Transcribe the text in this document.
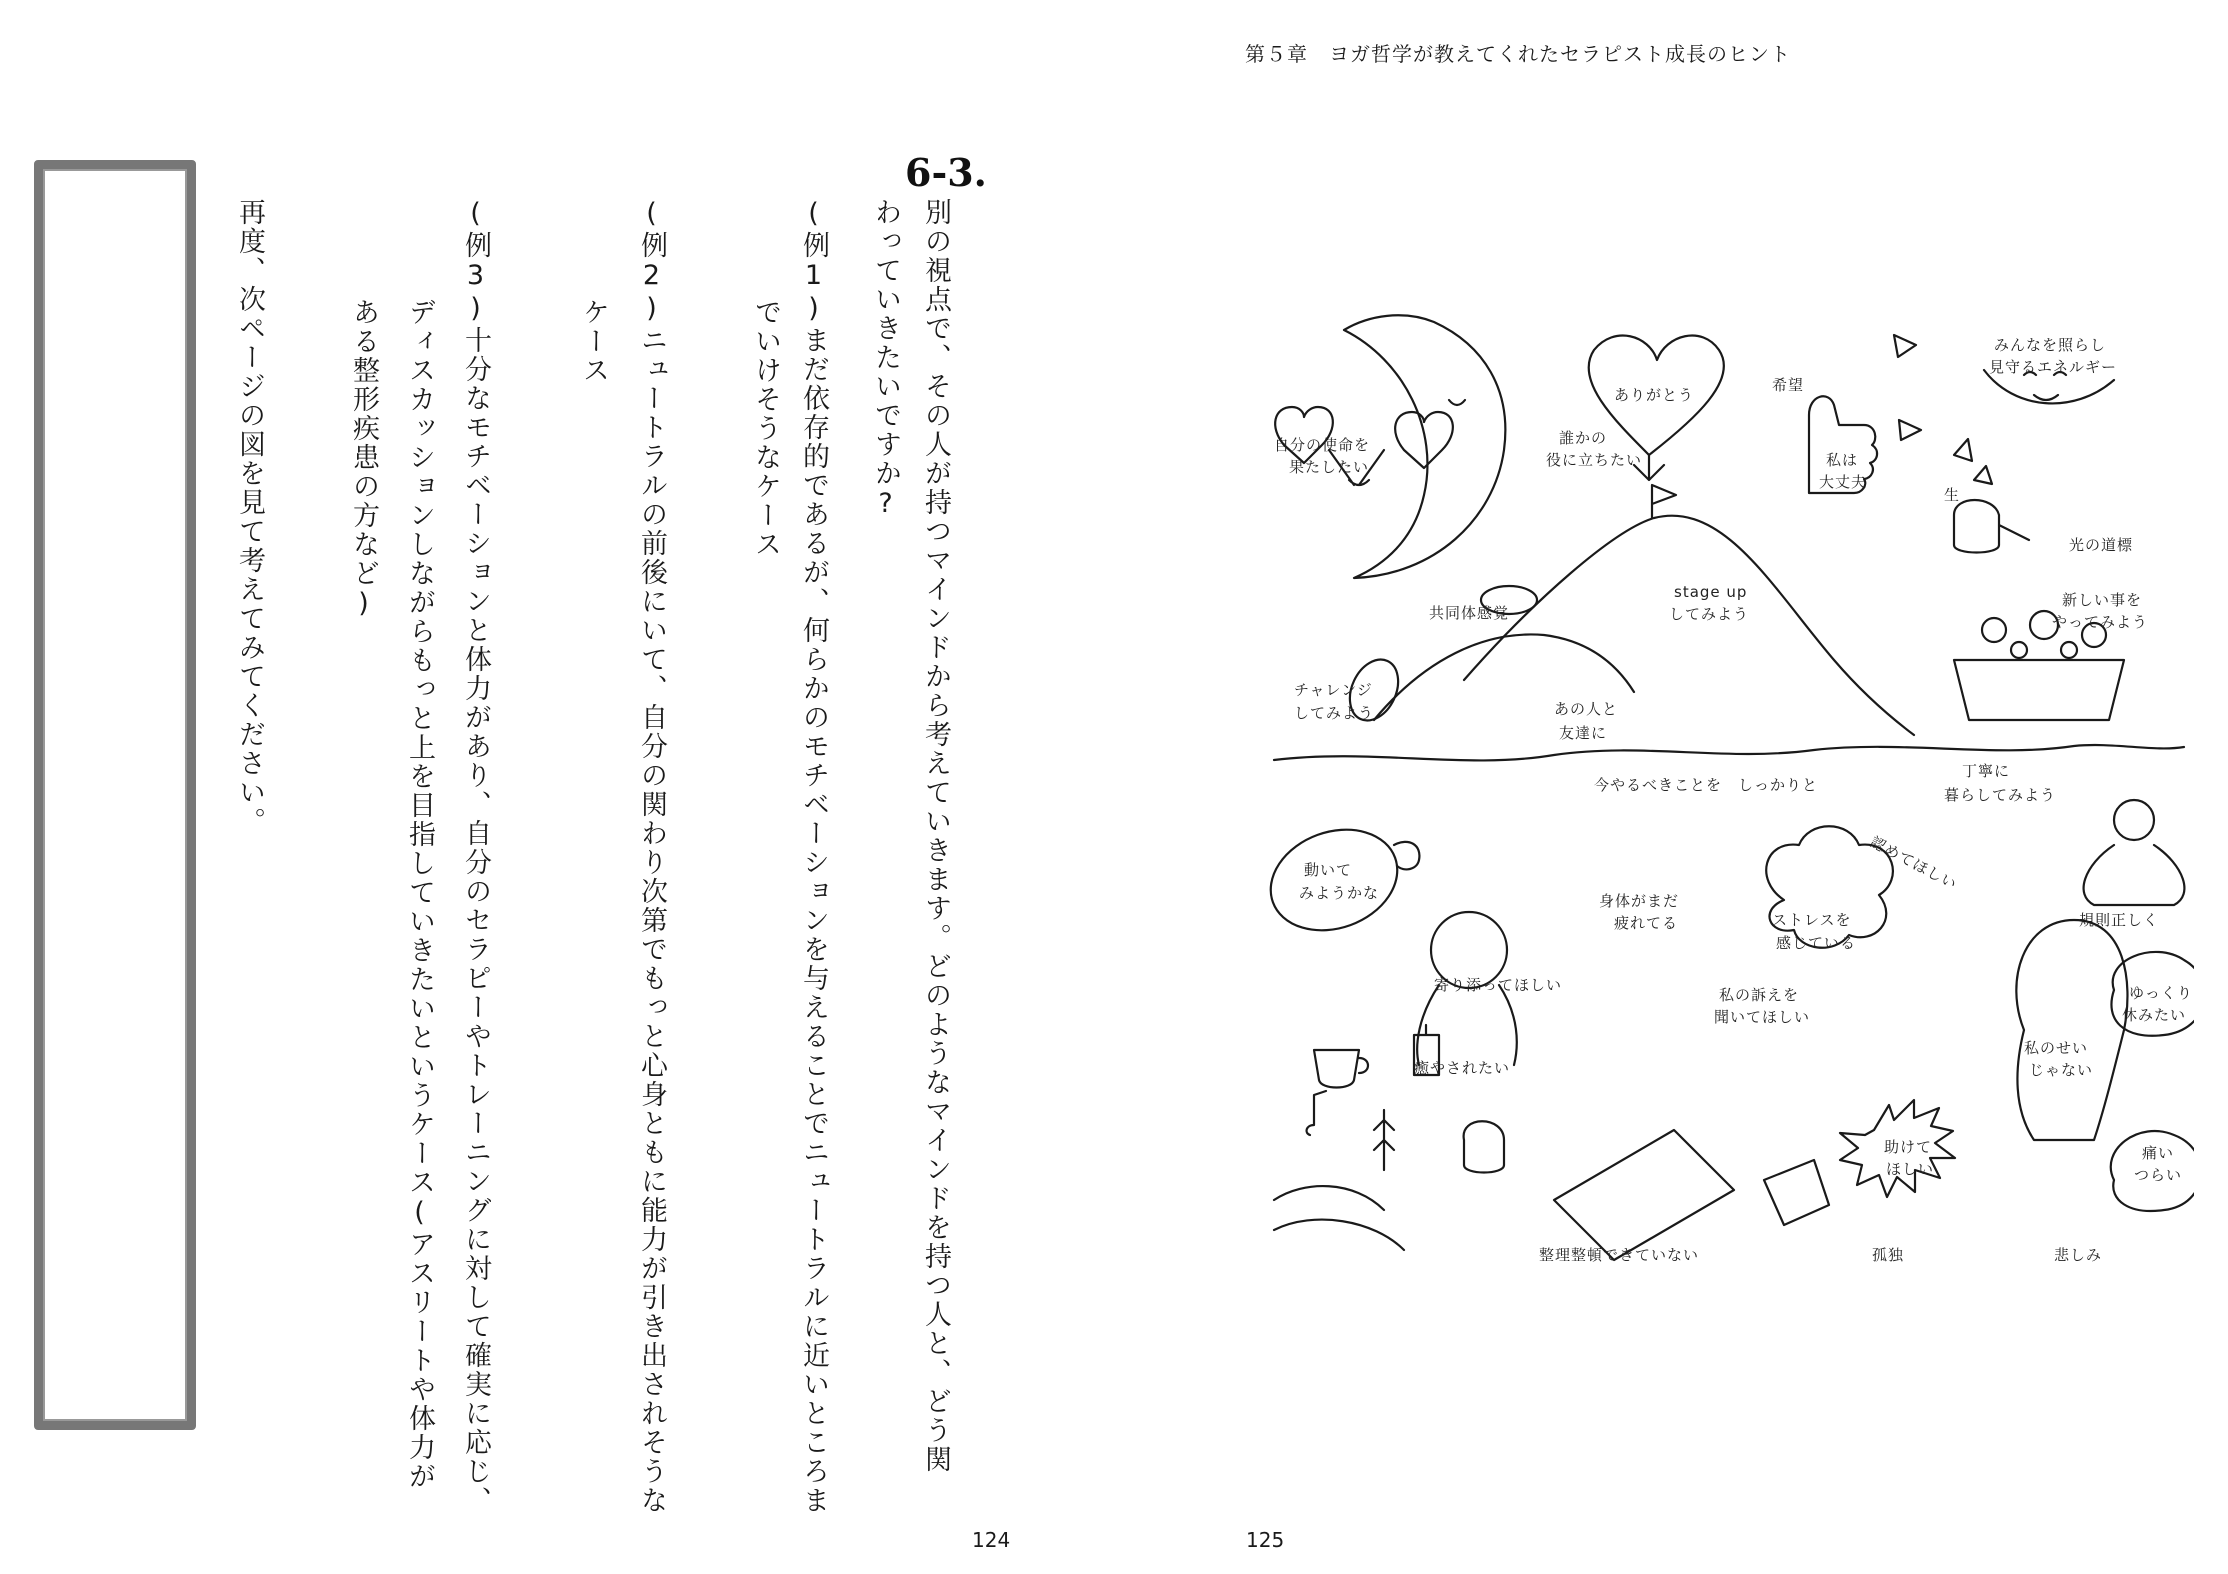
6-3.
別の視点で、その人が持つマインドから考えていきます。どのようなマインドを持つ人と、どう関
わっていきたいですか?
(例1)まだ依存的であるが、何らかのモチベーションを与えることでニュートラルに近いところま
でいけそうなケース
(例2)ニュートラルの前後にいて、自分の関わり次第でもっと心身ともに能力が引き出されそうな
ケース
(例3)十分なモチベーションと体力があり、自分のセラピーやトレーニングに対して確実に応じ、
ディスカッションしながらもっと上を目指していきたいというケース(アスリートや体力が
ある整形疾患の方など)
再度、次ページの図を見て考えてみてください。
124
第５章　ヨガ哲学が教えてくれたセラピスト成長のヒント
自分の使命を
果たしたい
誰かの
役に立ちたい
ありがとう
希望
みんなを照らし
見守るエネルギー
私は
大丈夫
生
光の道標
共同体感覚
stage up
してみよう
新しい事を
やってみよう
チャレンジ
してみよう	あの人と
友達に
今やるべきことを　しっかりと
丁寧に
暮らしてみよう
動いて
みようかな	身体がまだ
疲れてる
認めてほしい
規則正しく
ストレスを
感じている
寄り添ってほしい
私の訴えを
聞いてほしい
ゆっくり
休みたい
癒やされたい
私のせい
じゃない
助けて
ほしい
痛い
つらい
整理整頓できていない	孤独	悲しみ
125
